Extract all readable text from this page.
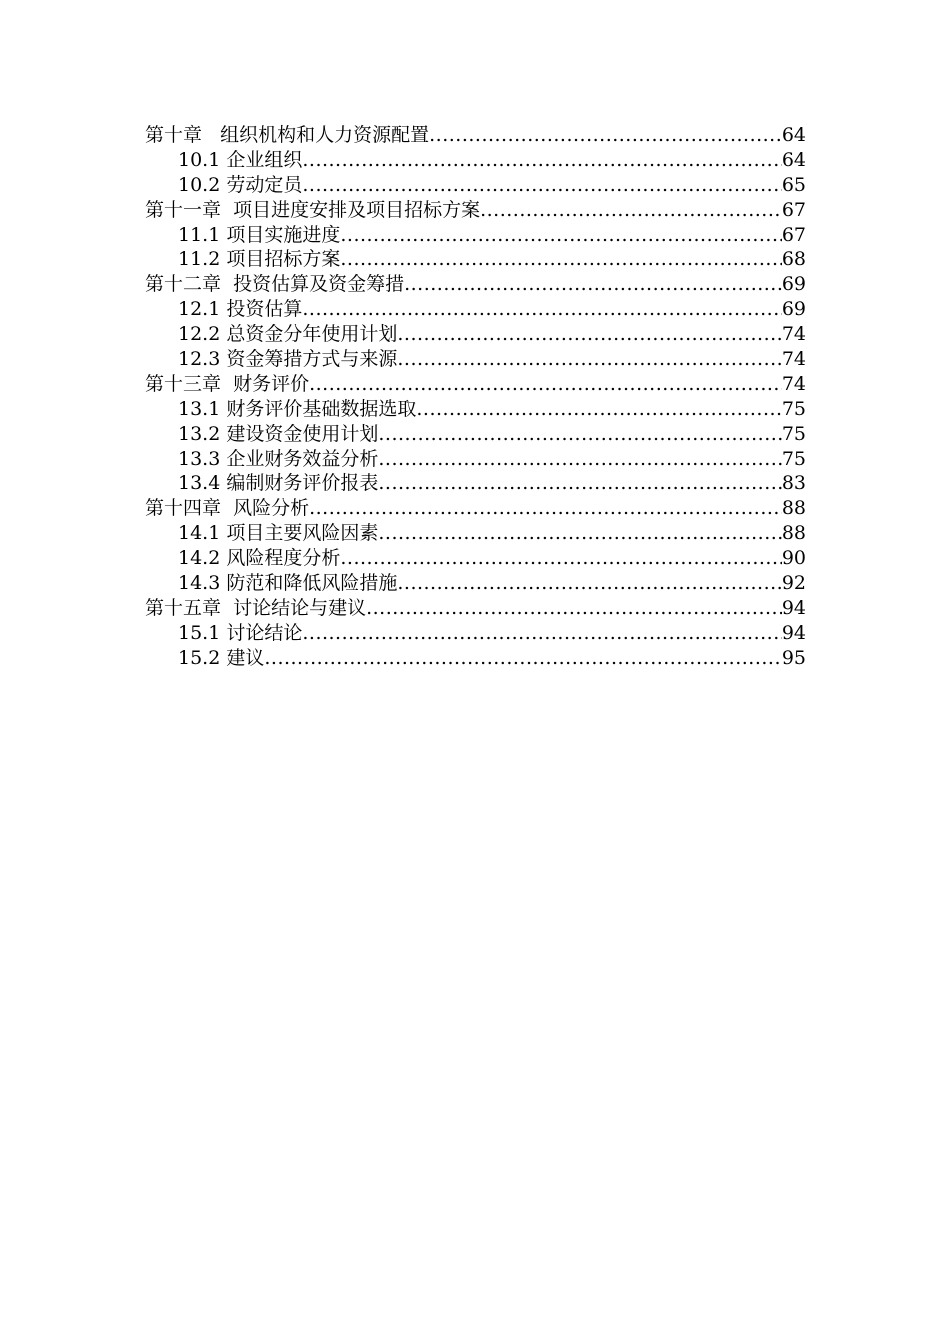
第十章   组织机构和人力资源配置 .....	64
10.1 企业组织 .....	64
10.2 劳动定员 .....	65
第十一章  项目进度安排及项目招标方案 .....	67
11.1 项目实施进度 .....	67
11.2 项目招标方案 .....	68
第十二章  投资估算及资金筹措 .....	69
12.1 投资估算 .....	69
12.2 总资金分年使用计划 .....	74
12.3 资金筹措方式与来源 .....	74
第十三章  财务评价 .....	74
13.1 财务评价基础数据选取 .....	75
13.2 建设资金使用计划 .....	75
13.3 企业财务效益分析 .....	75
13.4 编制财务评价报表 .....	83
第十四章  风险分析 .....	88
14.1 项目主要风险因素 .....	88
14.2 风险程度分析 .....	90
14.3 防范和降低风险措施 .....	92
第十五章  讨论结论与建议 .....	94
15.1 讨论结论 .....	94
15.2 建议 .....	95
